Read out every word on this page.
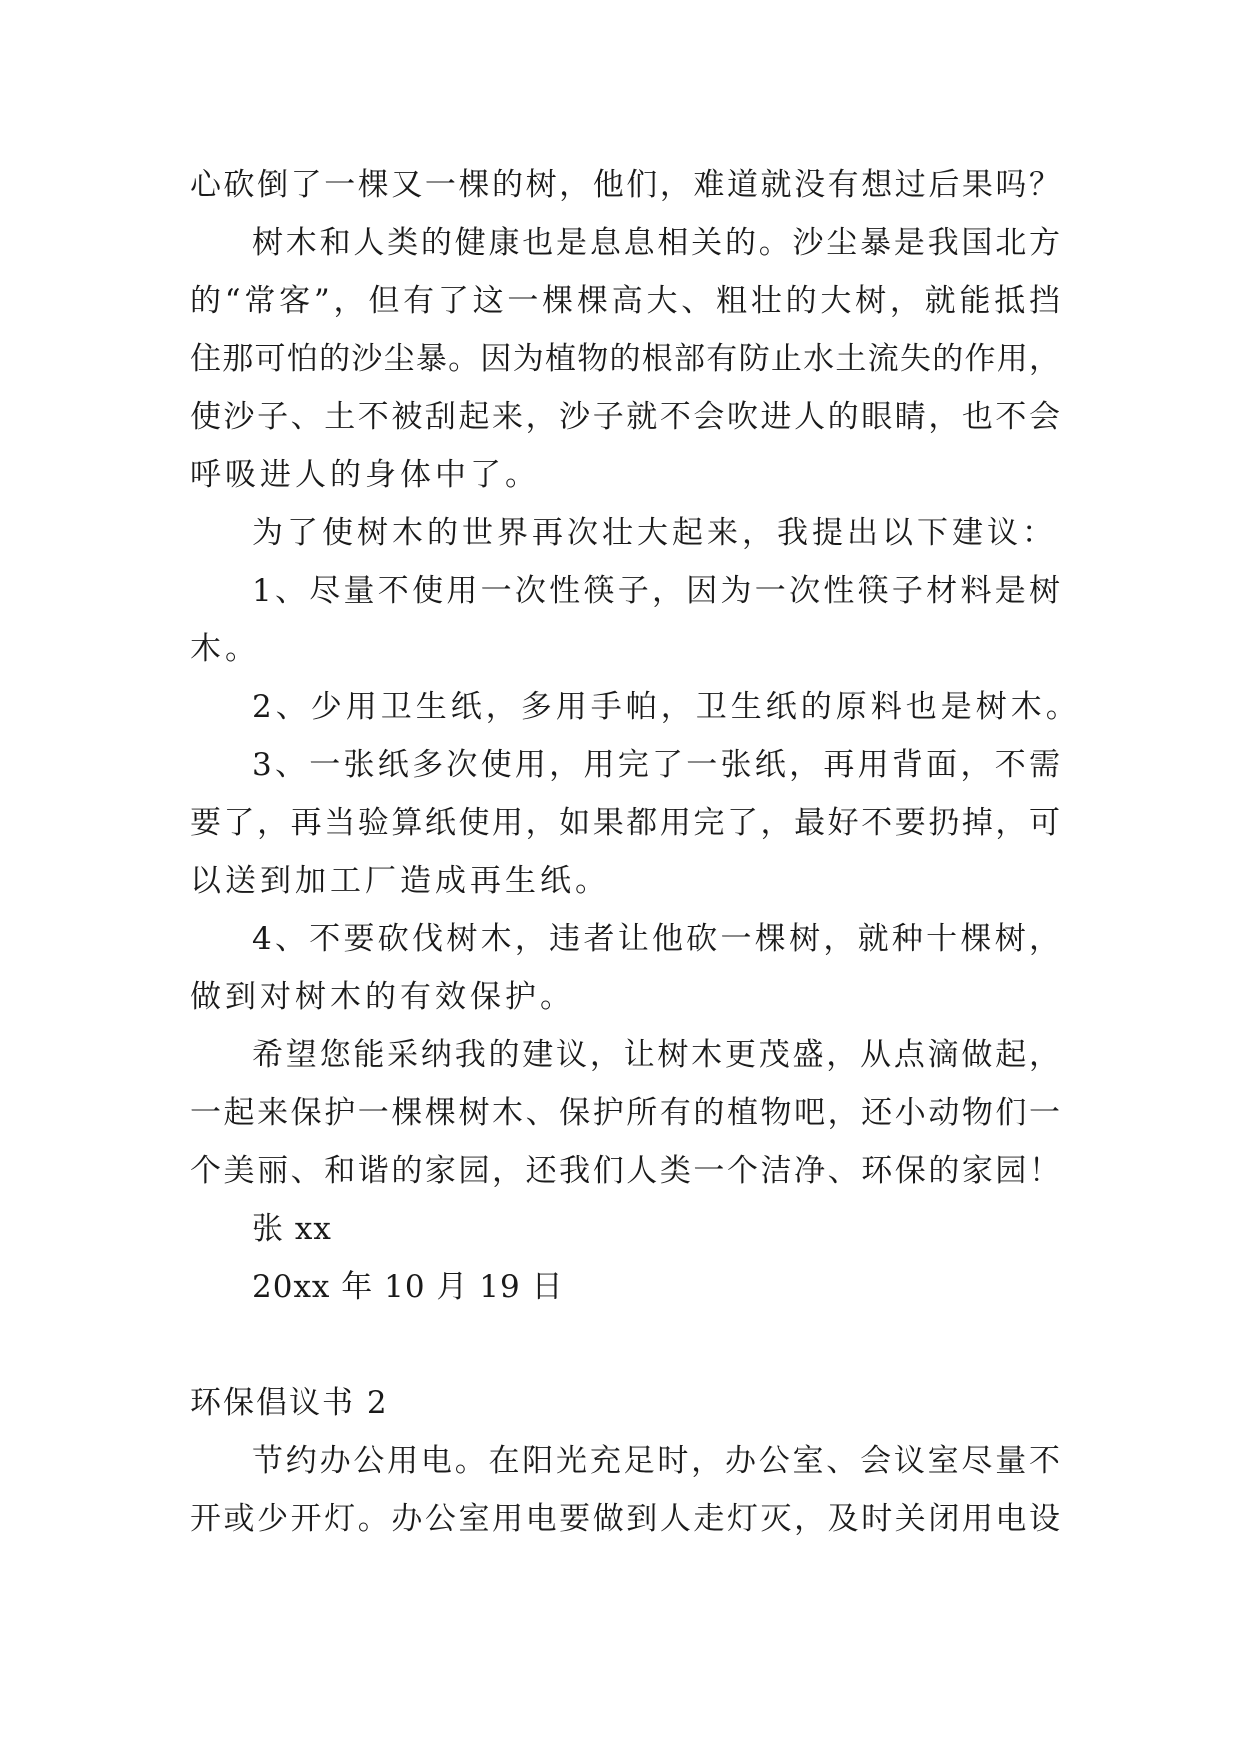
心砍倒了一棵又一棵的树，他们，难道就没有想过后果吗？
树木和人类的健康也是息息相关的。沙尘暴是我国北方
的“常客”，但有了这一棵棵高大、粗壮的大树，就能抵挡
住那可怕的沙尘暴。因为植物的根部有防止水土流失的作用，
使沙子、土不被刮起来，沙子就不会吹进人的眼睛，也不会
呼吸进人的身体中了。
为了使树木的世界再次壮大起来，我提出以下建议：
1、尽量不使用一次性筷子，因为一次性筷子材料是树
木。
2、少用卫生纸，多用手帕，卫生纸的原料也是树木。
3、一张纸多次使用，用完了一张纸，再用背面，不需
要了，再当验算纸使用，如果都用完了，最好不要扔掉，可
以送到加工厂造成再生纸。
4、不要砍伐树木，违者让他砍一棵树，就种十棵树，
做到对树木的有效保护。
希望您能采纳我的建议，让树木更茂盛，从点滴做起，
一起来保护一棵棵树木、保护所有的植物吧，还小动物们一
个美丽、和谐的家园，还我们人类一个洁净、环保的家园！
张 xx
20xx 年 10 月 19 日
环保倡议书 2
节约办公用电。在阳光充足时，办公室、会议室尽量不
开或少开灯。办公室用电要做到人走灯灭，及时关闭用电设
